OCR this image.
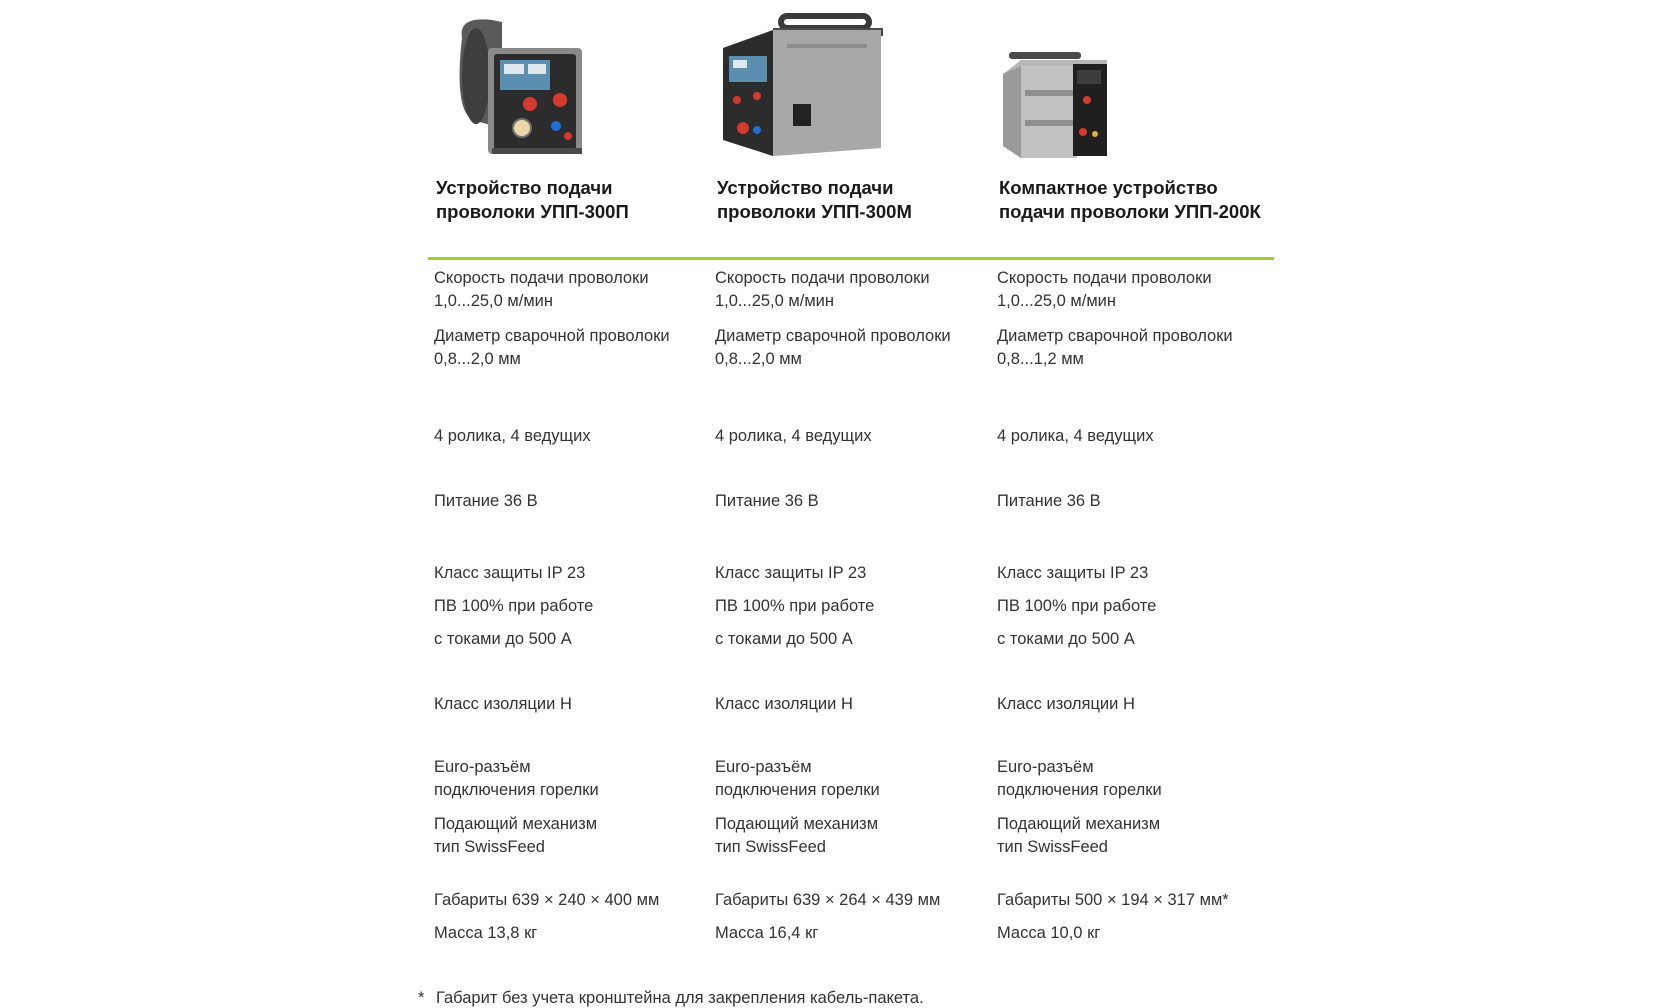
Устройство подачи проволоки УПП-300П
Скорость подачи проволоки
1,0...25,0 м/мин
Диаметр сварочной проволоки
0,8...2,0 мм
4 ролика, 4 ведущих
Питание 36 В
Класс защиты IP 23
ПВ 100% при работе
с токами до 500 А
Класс изоляции Н
Euro-разъём
подключения горелки
Подающий механизм
тип SwissFeed
Габариты 639 × 240 × 400 мм
Масса 13,8 кг
Устройство подачи проволоки УПП-300М
Скорость подачи проволоки
1,0...25,0 м/мин
Диаметр сварочной проволоки
0,8...2,0 мм
4 ролика, 4 ведущих
Питание 36 В
Класс защиты IP 23
ПВ 100% при работе
с токами до 500 А
Класс изоляции Н
Euro-разъём
подключения горелки
Подающий механизм
тип SwissFeed
Габариты 639 × 264 × 439 мм
Масса 16,4 кг
Компактное устройство подачи проволоки УПП-200К
Скорость подачи проволоки
1,0...25,0 м/мин
Диаметр сварочной проволоки
0,8...1,2 мм
4 ролика, 4 ведущих
Питание 36 В
Класс защиты IP 23
ПВ 100% при работе
с токами до 500 А
Класс изоляции Н
Euro-разъём
подключения горелки
Подающий механизм
тип SwissFeed
Габариты 500 × 194 × 317 мм*
Масса 10,0 кг
* Габарит без учета кронштейна для закрепления кабель-пакета.
